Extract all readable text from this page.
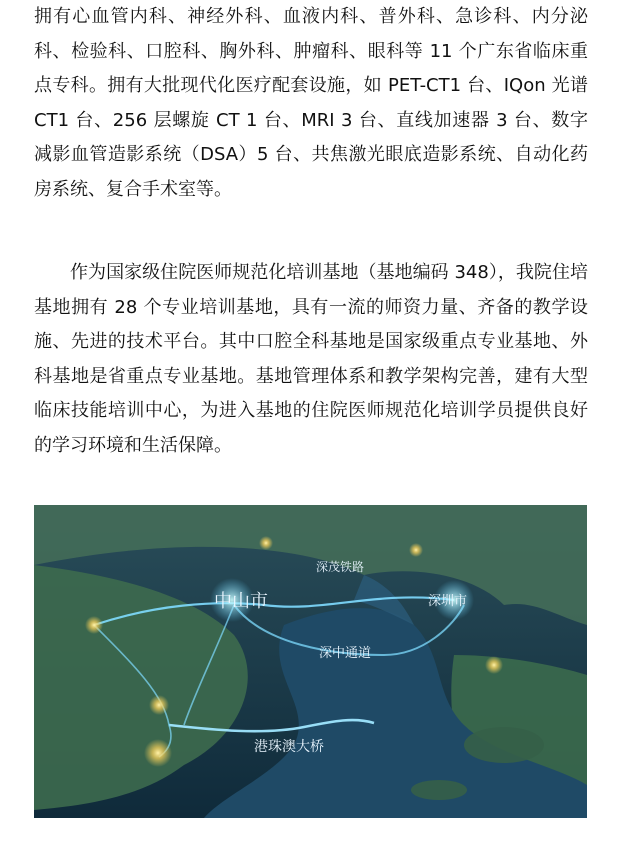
拥有心血管内科、神经外科、血液内科、普外科、急诊科、内分泌科、检验科、口腔科、胸外科、肿瘤科、眼科等 11 个广东省临床重点专科。拥有大批现代化医疗配套设施，如 PET-CT1 台、IQon 光谱 CT1 台、256 层螺旋 CT 1 台、MRI 3 台、直线加速器 3 台、数字减影血管造影系统（DSA）5 台、共焦激光眼底造影系统、自动化药房系统、复合手术室等。

作为国家级住院医师规范化培训基地（基地编码 348），我院住培基地拥有 28 个专业培训基地，具有一流的师资力量、齐备的教学设施、先进的技术平台。其中口腔全科基地是国家级重点专业基地、外科基地是省重点专业基地。基地管理体系和教学架构完善，建有大型临床技能培训中心，为进入基地的住院医师规范化培训学员提供良好的学习环境和生活保障。

中山市	深圳市
深茂铁路
深中通道
港珠澳大桥
